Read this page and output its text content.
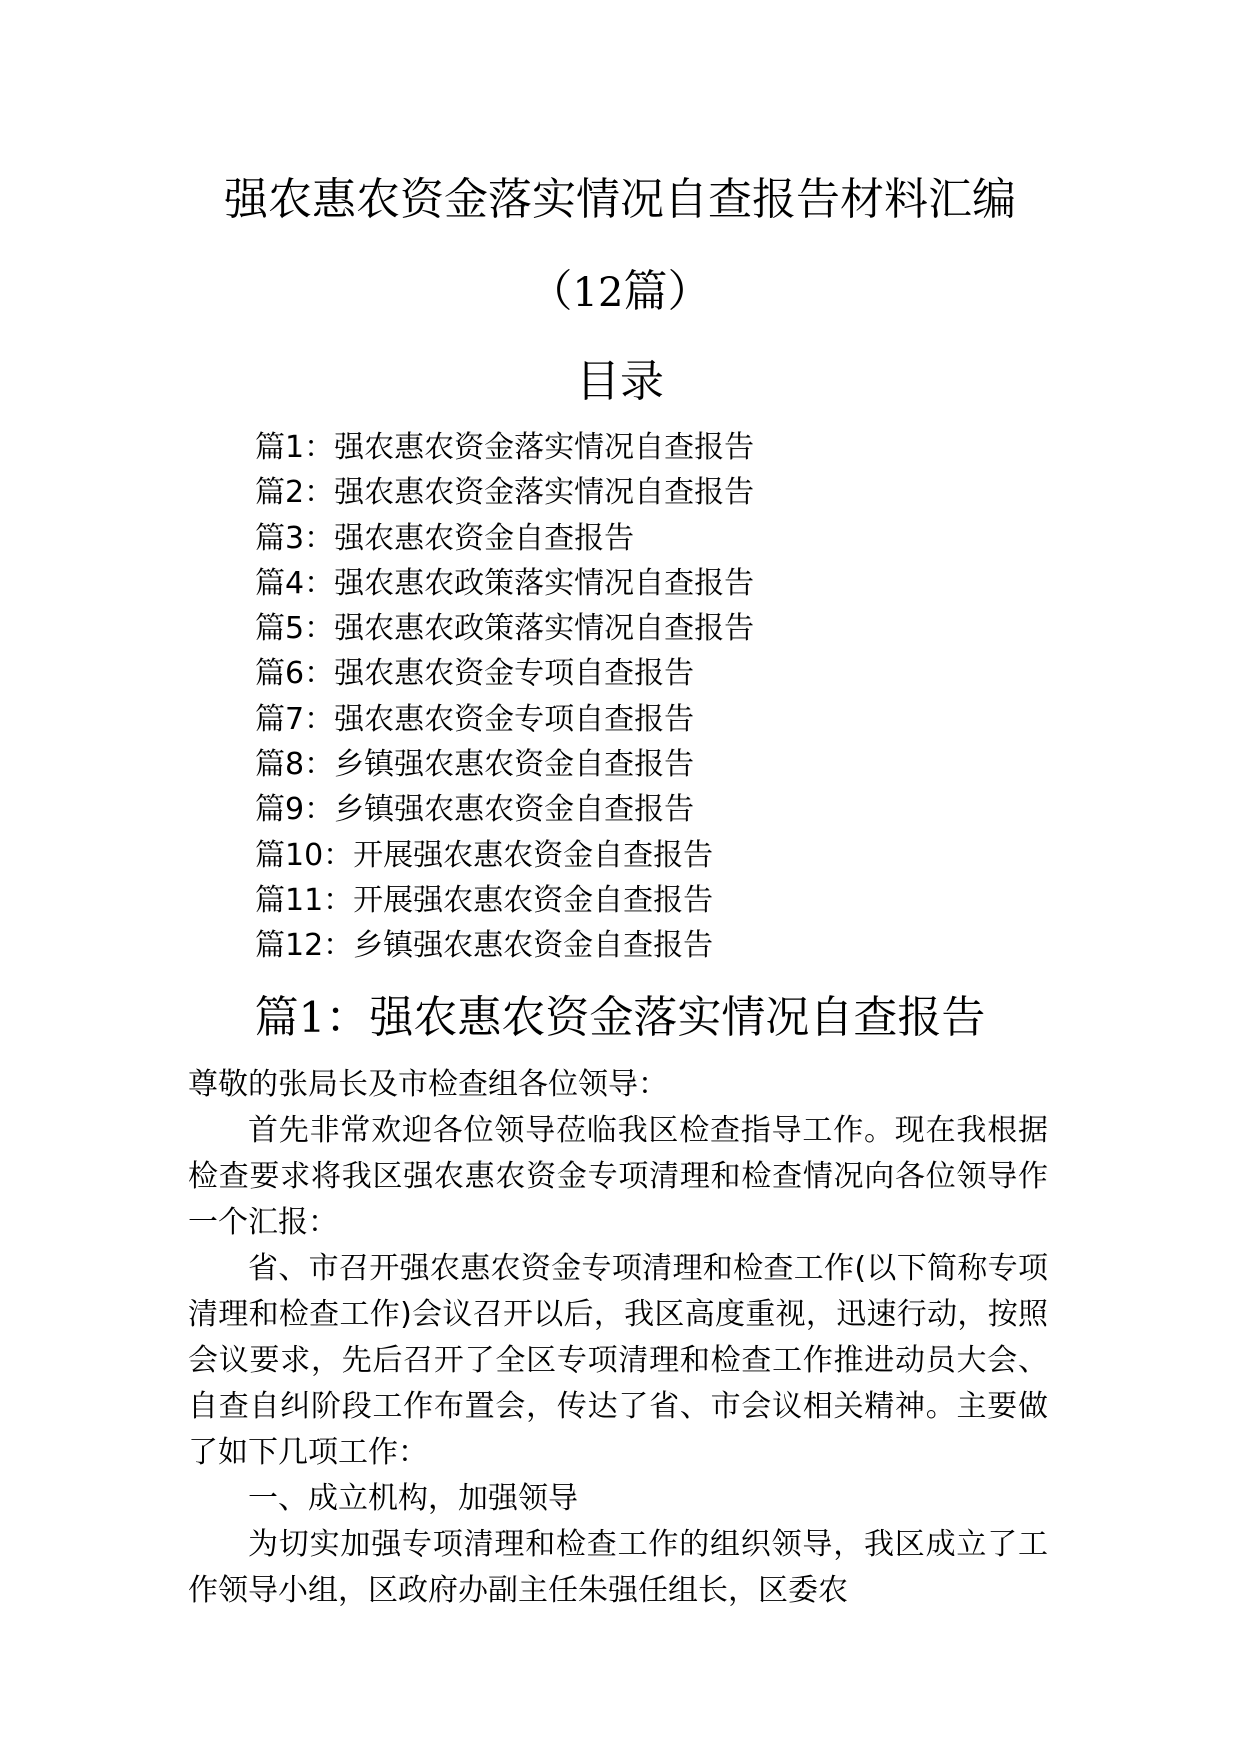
强农惠农资金落实情况自查报告材料汇编
（12篇）
目录
篇1：强农惠农资金落实情况自查报告
篇2：强农惠农资金落实情况自查报告
篇3：强农惠农资金自查报告
篇4：强农惠农政策落实情况自查报告
篇5：强农惠农政策落实情况自查报告
篇6：强农惠农资金专项自查报告
篇7：强农惠农资金专项自查报告
篇8：乡镇强农惠农资金自查报告
篇9：乡镇强农惠农资金自查报告
篇10：开展强农惠农资金自查报告
篇11：开展强农惠农资金自查报告
篇12：乡镇强农惠农资金自查报告
篇1：强农惠农资金落实情况自查报告

尊敬的张局长及市检查组各位领导：

首先非常欢迎各位领导莅临我区检查指导工作。现在我根据检查要求将我区强农惠农资金专项清理和检查情况向各位领导作一个汇报：

省、市召开强农惠农资金专项清理和检查工作(以下简称专项清理和检查工作)会议召开以后，我区高度重视，迅速行动，按照会议要求，先后召开了全区专项清理和检查工作推进动员大会、自查自纠阶段工作布置会，传达了省、市会议相关精神。主要做了如下几项工作：

一、成立机构，加强领导

为切实加强专项清理和检查工作的组织领导，我区成立了工作领导小组，区政府办副主任朱强任组长，区委农
